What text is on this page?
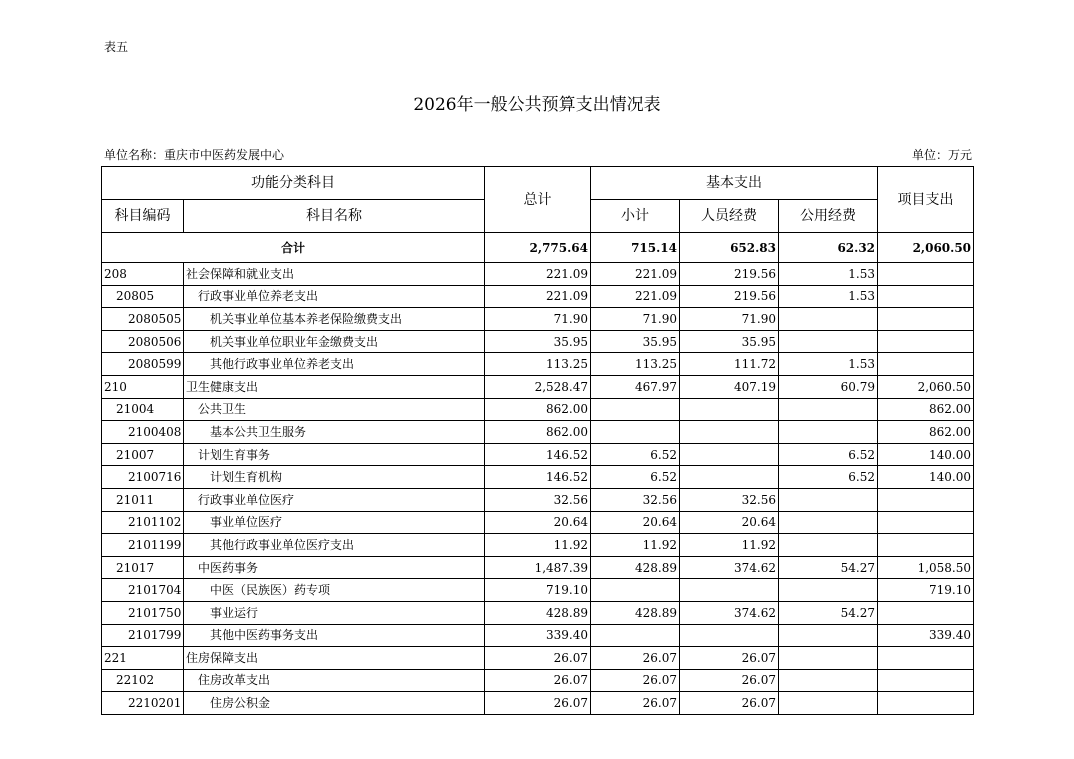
表五
2026年一般公共预算支出情况表
单位名称：重庆市中医药发展中心	单位：万元
功能分类科目		总计	基本支出			项目支出
科目编码	科目名称		小计	人员经费	公用经费	
合计		2,775.64	715.14	652.83	62.32	2,060.50
208	社会保障和就业支出	221.09	221.09	219.56	1.53	
20805	行政事业单位养老支出	221.09	221.09	219.56	1.53	
2080505	机关事业单位基本养老保险缴费支出	71.90	71.90	71.90		
2080506	机关事业单位职业年金缴费支出	35.95	35.95	35.95		
2080599	其他行政事业单位养老支出	113.25	113.25	111.72	1.53	
210	卫生健康支出	2,528.47	467.97	407.19	60.79	2,060.50
21004	公共卫生	862.00				862.00
2100408	基本公共卫生服务	862.00				862.00
21007	计划生育事务	146.52	6.52		6.52	140.00
2100716	计划生育机构	146.52	6.52		6.52	140.00
21011	行政事业单位医疗	32.56	32.56	32.56		
2101102	事业单位医疗	20.64	20.64	20.64		
2101199	其他行政事业单位医疗支出	11.92	11.92	11.92		
21017	中医药事务	1,487.39	428.89	374.62	54.27	1,058.50
2101704	中医（民族医）药专项	719.10				719.10
2101750	事业运行	428.89	428.89	374.62	54.27	
2101799	其他中医药事务支出	339.40				339.40
221	住房保障支出	26.07	26.07	26.07		
22102	住房改革支出	26.07	26.07	26.07		
2210201	住房公积金	26.07	26.07	26.07		
